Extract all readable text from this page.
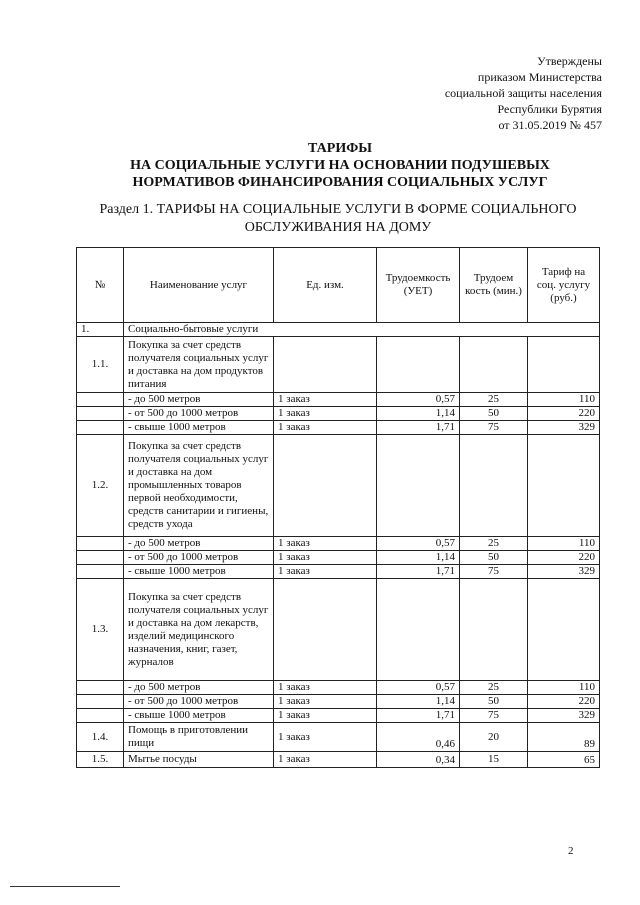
Утверждены
приказом Министерства
социальной защиты населения
Республики Бурятия
от 31.05.2019 № 457
ТАРИФЫ
НА СОЦИАЛЬНЫЕ УСЛУГИ НА ОСНОВАНИИ ПОДУШЕВЫХ
НОРМАТИВОВ ФИНАНСИРОВАНИЯ СОЦИАЛЬНЫХ УСЛУГ
Раздел 1. ТАРИФЫ НА СОЦИАЛЬНЫЕ УСЛУГИ В ФОРМЕ СОЦИАЛЬНОГО
ОБСЛУЖИВАНИЯ НА ДОМУ
№	Наименование услуг	Ед. изм.	Трудоемкость (УЕТ)	Трудоем кость (мин.)	Тариф на соц. услугу (руб.)
1.	Социально-бытовые услуги				
1.1.	Покупка за счет средств получателя социальных услуг и доставка на дом продуктов питания				
	- до 500 метров	1 заказ	0,57	25	110
	- от 500 до 1000 метров	1 заказ	1,14	50	220
	- свыше 1000 метров	1 заказ	1,71	75	329
1.2.	Покупка за счет средств получателя социальных услуг и доставка на дом промышленных товаров первой необходимости, средств санитарии и гигиены, средств ухода				
	- до 500 метров	1 заказ	0,57	25	110
	- от 500 до 1000 метров	1 заказ	1,14	50	220
	- свыше 1000 метров	1 заказ	1,71	75	329
1.3.	Покупка за счет средств получателя социальных услуг и доставка на дом лекарств, изделий медицинского назначения, книг, газет, журналов				
	- до 500 метров	1 заказ	0,57	25	110
	- от 500 до 1000 метров	1 заказ	1,14	50	220
	- свыше 1000 метров	1 заказ	1,71	75	329
1.4.	Помощь в приготовлении пищи	1 заказ	0,46	20	89
1.5.	Мытье посуды	1 заказ	0,34	15	65
2
